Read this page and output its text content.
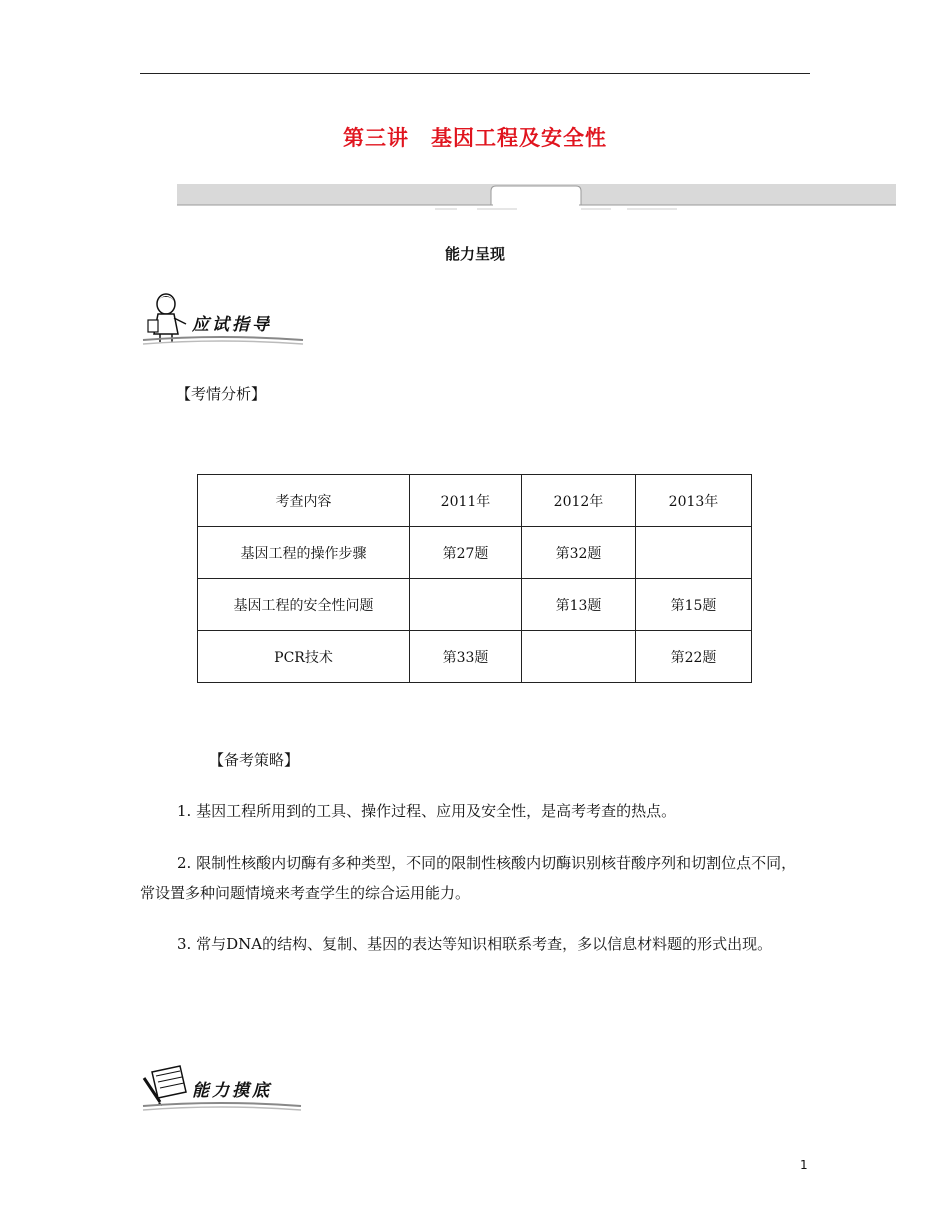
第三讲　基因工程及安全性
能力呈现
应试指导
【考情分析】
考查内容	2011年	2012年	2013年
基因工程的操作步骤	第27题	第32题	
基因工程的安全性问题		第13题	第15题
PCR技术	第33题		第22题
【备考策略】
1. 基因工程所用到的工具、操作过程、应用及安全性，是高考考查的热点。
2. 限制性核酸内切酶有多种类型，不同的限制性核酸内切酶识别核苷酸序列和切割位点不同，常设置多种问题情境来考查学生的综合运用能力。
3. 常与DNA的结构、复制、基因的表达等知识相联系考查，多以信息材料题的形式出现。
能力摸底
1
